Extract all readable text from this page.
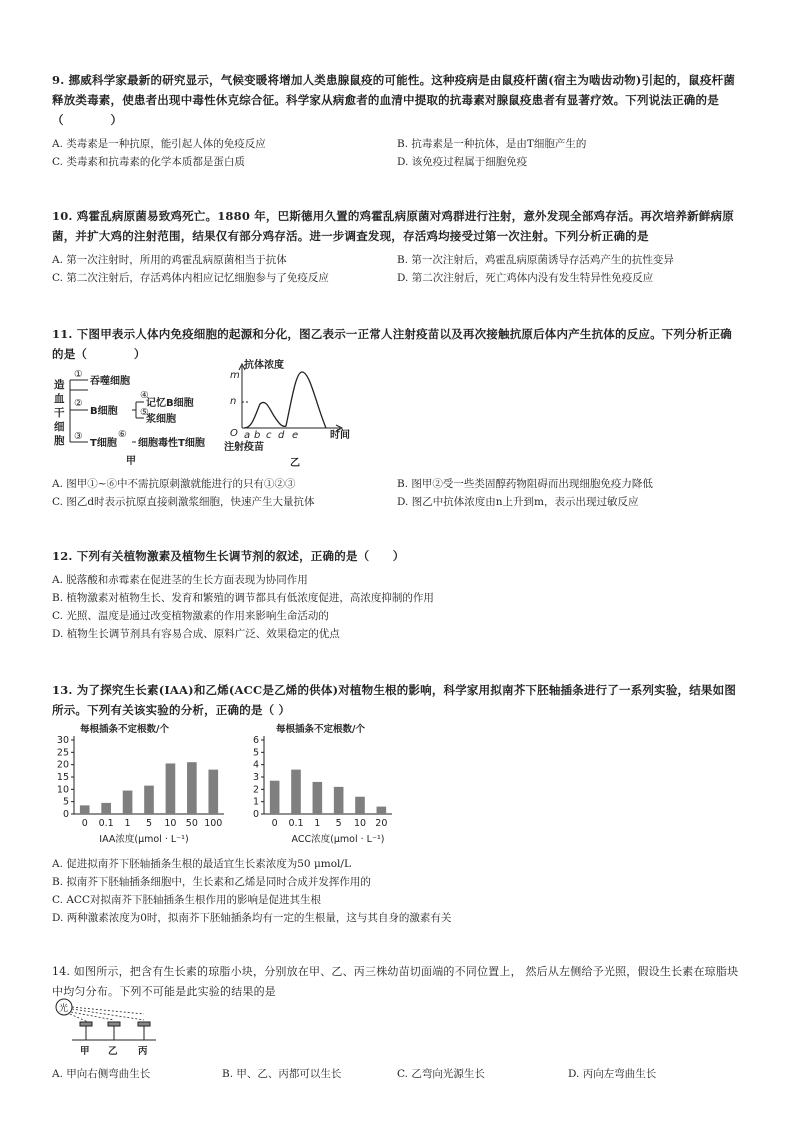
9. 挪威科学家最新的研究显示，气候变暖将增加人类患腺鼠疫的可能性。这种疫病是由鼠疫杆菌(宿主为啮齿动物)引起的，鼠疫杆菌释放类毒素，使患者出现中毒性休克综合征。科学家从病愈者的血清中提取的抗毒素对腺鼠疫患者有显著疗效。下列说法正确的是（　　　　）
A. 类毒素是一种抗原，能引起人体的免疫反应	B. 抗毒素是一种抗体，是由T细胞产生的
C. 类毒素和抗毒素的化学本质都是蛋白质	D. 该免疫过程属于细胞免疫
10. 鸡霍乱病原菌易致鸡死亡。1880 年，巴斯德用久置的鸡霍乱病原菌对鸡群进行注射，意外发现全部鸡存活。再次培养新鲜病原菌，并扩大鸡的注射范围，结果仅有部分鸡存活。进一步调查发现，存活鸡均接受过第一次注射。下列分析正确的是
A. 第一次注射时，所用的鸡霍乱病原菌相当于抗体	B. 第一次注射后，鸡霍乱病原菌诱导存活鸡产生的抗性变异
C. 第二次注射后，存活鸡体内相应记忆细胞参与了免疫反应	D. 第二次注射后，死亡鸡体内没有发生特异性免疫反应
11. 下图甲表示人体内免疫细胞的起源和分化，图乙表示一正常人注射疫苗以及再次接触抗原后体内产生抗体的反应。下列分析正确的是（　　　　）
造
血
干
细
胞
①
②
③
④
⑤
⑥
吞噬细胞
B细胞
记忆B细胞
浆细胞
T细胞 细胞毒性T细胞
甲
m
n
O a b c d e
抗体浓度
时间
注射疫苗
乙
A. 图甲①~⑥中不需抗原刺激就能进行的只有①②③	B. 图甲②受一些类固醇药物阻碍而出现细胞免疫力降低
C. 图乙d时表示抗原直接刺激浆细胞，快速产生大量抗体	D. 图乙中抗体浓度由n上升到m，表示出现过敏反应
12. 下列有关植物激素及植物生长调节剂的叙述，正确的是（　　）
A. 脱落酸和赤霉素在促进茎的生长方面表现为协同作用
B. 植物激素对植物生长、发育和繁殖的调节都具有低浓度促进，高浓度抑制的作用
C. 光照、温度是通过改变植物激素的作用来影响生命活动的
D. 植物生长调节剂具有容易合成、原料广泛、效果稳定的优点
13. 为了探究生长素(IAA)和乙烯(ACC是乙烯的供体)对植物生根的影响，科学家用拟南芥下胚轴插条进行了一系列实验，结果如图所示。下列有关该实验的分析，正确的是（ ）
每根插条不定根数/个
0
5
10
15
20
25
30
0 0.1 1 5 10 50 100
IAA浓度(μmol · L⁻¹)
每根插条不定根数/个
0
1
2
3
4
5
6
0 0.1 1 5 10 20
ACC浓度(μmol · L⁻¹)
A. 促进拟南芥下胚轴插条生根的最适宜生长素浓度为50 μmol/L
B. 拟南芥下胚轴插条细胞中，生长素和乙烯是同时合成并发挥作用的
C. ACC对拟南芥下胚轴插条生根作用的影响是促进其生根
D. 两种激素浓度为0时，拟南芥下胚轴插条均有一定的生根量，这与其自身的激素有关
14. 如图所示，把含有生长素的琼脂小块，分别放在甲、乙、丙三株幼苗切面端的不同位置上， 然后从左侧给予光照，假设生长素在琼脂块中均匀分布。下列不可能是此实验的结果的是
光
甲 乙 丙
A. 甲向右侧弯曲生长	B. 甲、乙、丙都可以生长	C. 乙弯向光源生长	D. 丙向左弯曲生长
